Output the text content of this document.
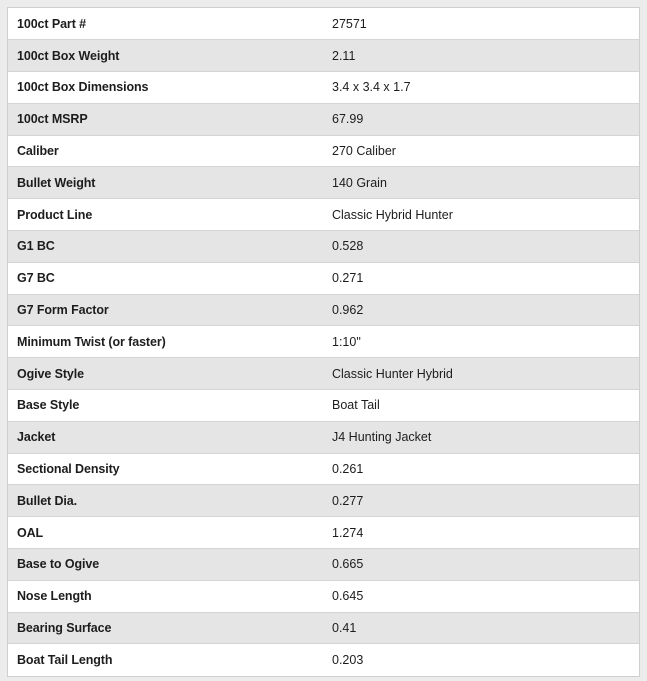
100ct Part #	27571
100ct Box Weight	2.11
100ct Box Dimensions	3.4 x 3.4 x 1.7
100ct MSRP	67.99
Caliber	270 Caliber
Bullet Weight	140 Grain
Product Line	Classic Hybrid Hunter
G1 BC	0.528
G7 BC	0.271
G7 Form Factor	0.962
Minimum Twist (or faster)	1:10"
Ogive Style	Classic Hunter Hybrid
Base Style	Boat Tail
Jacket	J4 Hunting Jacket
Sectional Density	0.261
Bullet Dia.	0.277
OAL	1.274
Base to Ogive	0.665
Nose Length	0.645
Bearing Surface	0.41
Boat Tail Length	0.203
